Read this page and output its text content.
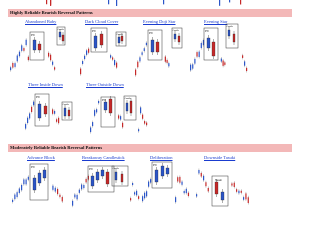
Highly Reliable Bearish Reversal Patterns
Moderately Reliable Bearish Reversal Patterns
Abandoned Baby	Dark Cloud Cover	Evening Doji Star	Evening Star
Three Inside Down	Three Outside Down
Advance Block	Breakaway Candlestick	Deliberation	Downside Tasuki
PX
Candle	PX
Candle	PX	Candle	PX
Candle
PX
Candle
PX	Candle
PX	PX	Candle
PX
Tasuki
